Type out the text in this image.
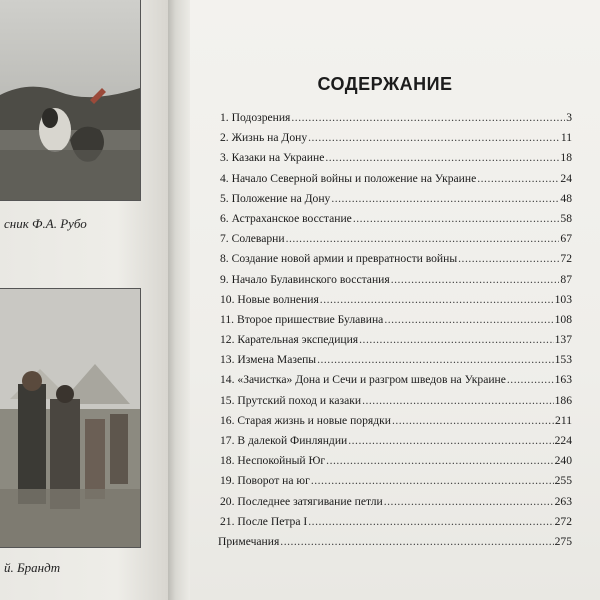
сник Ф.А. Рубо
й. Брандт
СОДЕРЖАНИЕ
1. Подозрения .....	3
2. Жизнь на Дону .....	11
3. Казаки на Украине .....	18
4. Начало Северной войны и положение на Украине .....	24
5. Положение на Дону .....	48
6. Астраханское восстание .....	58
7. Солеварни .....	67
8. Создание новой армии и превратности войны .....	72
9. Начало Булавинского восстания .....	87
10. Новые волнения .....	103
11. Второе пришествие Булавина .....	108
12. Карательная экспедиция .....	137
13. Измена Мазепы .....	153
14. «Зачистка» Дона и Сечи и разгром шведов на Украине .....	163
15. Прутский поход и казаки .....	186
16. Старая жизнь и новые порядки .....	211
17. В далекой Финляндии .....	224
18. Неспокойный Юг .....	240
19. Поворот на юг .....	255
20. Последнее затягивание петли .....	263
21. После Петра I .....	272
Примечания .....	275
